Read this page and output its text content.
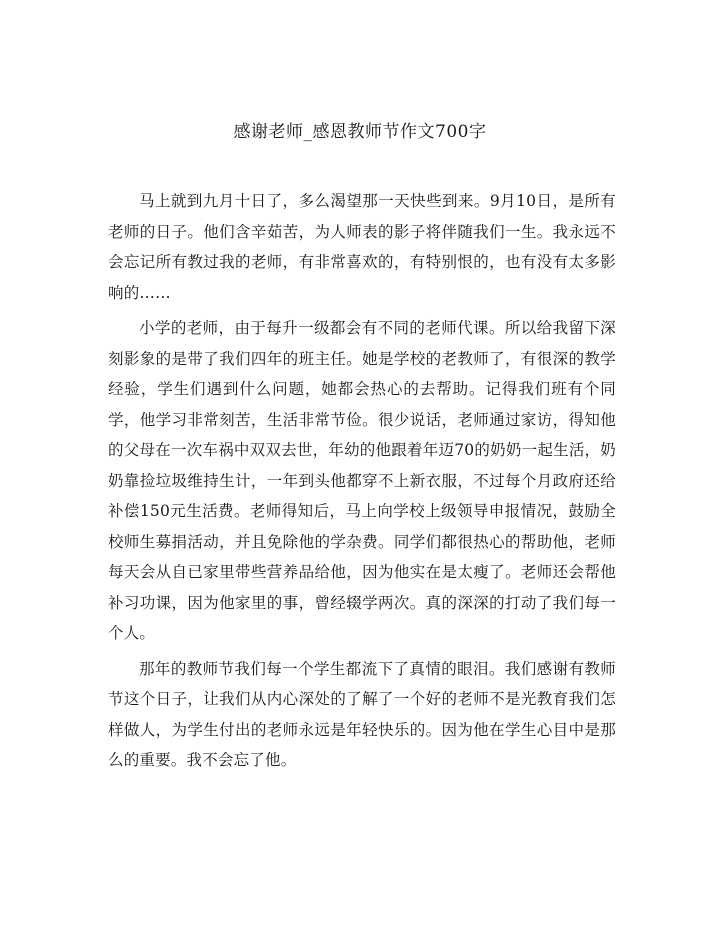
感谢老师_感恩教师节作文700字

马上就到九月十日了，多么渴望那一天快些到来。9月10日，是所有老师的日子。他们含辛茹苦，为人师表的影子将伴随我们一生。我永远不会忘记所有教过我的老师，有非常喜欢的，有特别恨的，也有没有太多影响的……

小学的老师，由于每升一级都会有不同的老师代课。所以给我留下深刻影象的是带了我们四年的班主任。她是学校的老教师了，有很深的教学经验，学生们遇到什么问题，她都会热心的去帮助。记得我们班有个同学，他学习非常刻苦，生活非常节俭。很少说话，老师通过家访，得知他的父母在一次车祸中双双去世，年幼的他跟着年迈70的奶奶一起生活，奶奶靠捡垃圾维持生计，一年到头他都穿不上新衣服，不过每个月政府还给补偿150元生活费。老师得知后，马上向学校上级领导申报情况，鼓励全校师生募捐活动，并且免除他的学杂费。同学们都很热心的帮助他，老师每天会从自已家里带些营养品给他，因为他实在是太瘦了。老师还会帮他补习功课，因为他家里的事，曾经辍学两次。真的深深的打动了我们每一个人。

那年的教师节我们每一个学生都流下了真情的眼泪。我们感谢有教师节这个日子，让我们从内心深处的了解了一个好的老师不是光教育我们怎样做人，为学生付出的老师永远是年轻快乐的。因为他在学生心目中是那么的重要。我不会忘了他。
